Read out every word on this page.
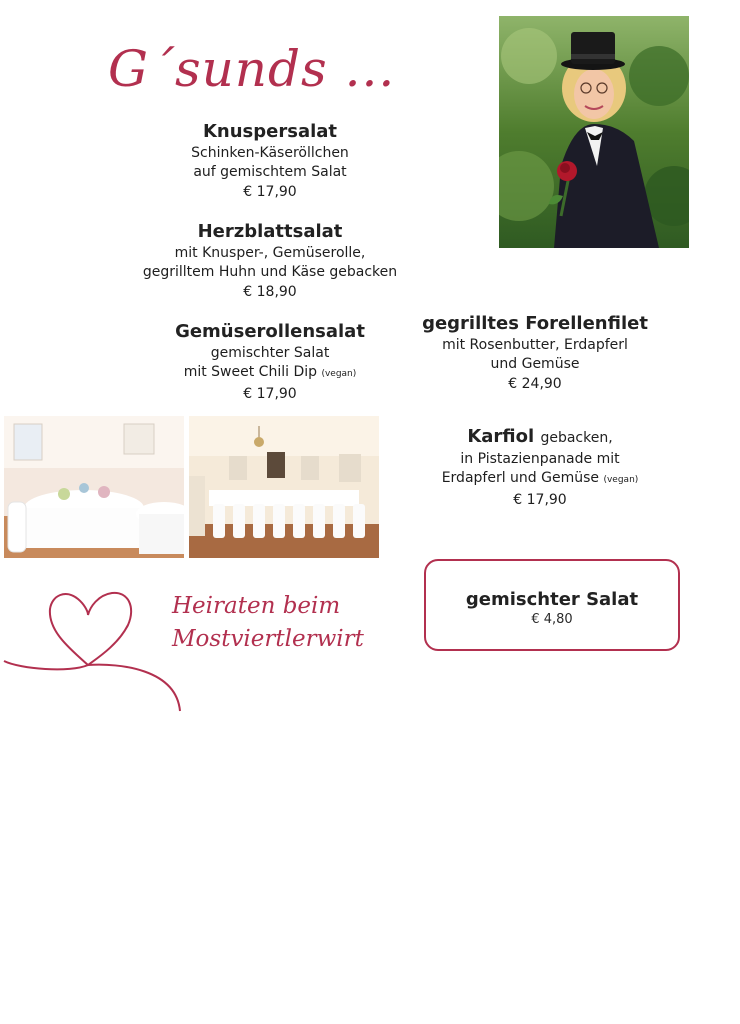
G´sunds ...
Knuspersalat
Schinken-Käseröllchen
auf gemischtem Salat
€ 17,90
Herzblattsalat
mit Knusper-, Gemüserolle,
gegrilltem Huhn und Käse gebacken
€ 18,90
Gemüserollensalat
gemischter Salat
mit Sweet Chili Dip (vegan)
€ 17,90
gegrilltes Forellenfilet
mit Rosenbutter, Erdapferl
und Gemüse
€ 24,90
Karfiol gebacken,
in Pistazienpanade mit
Erdapferl und Gemüse (vegan)
€ 17,90
gemischter Salat
€ 4,80
Heiraten beim
Mostviertlerwirt
